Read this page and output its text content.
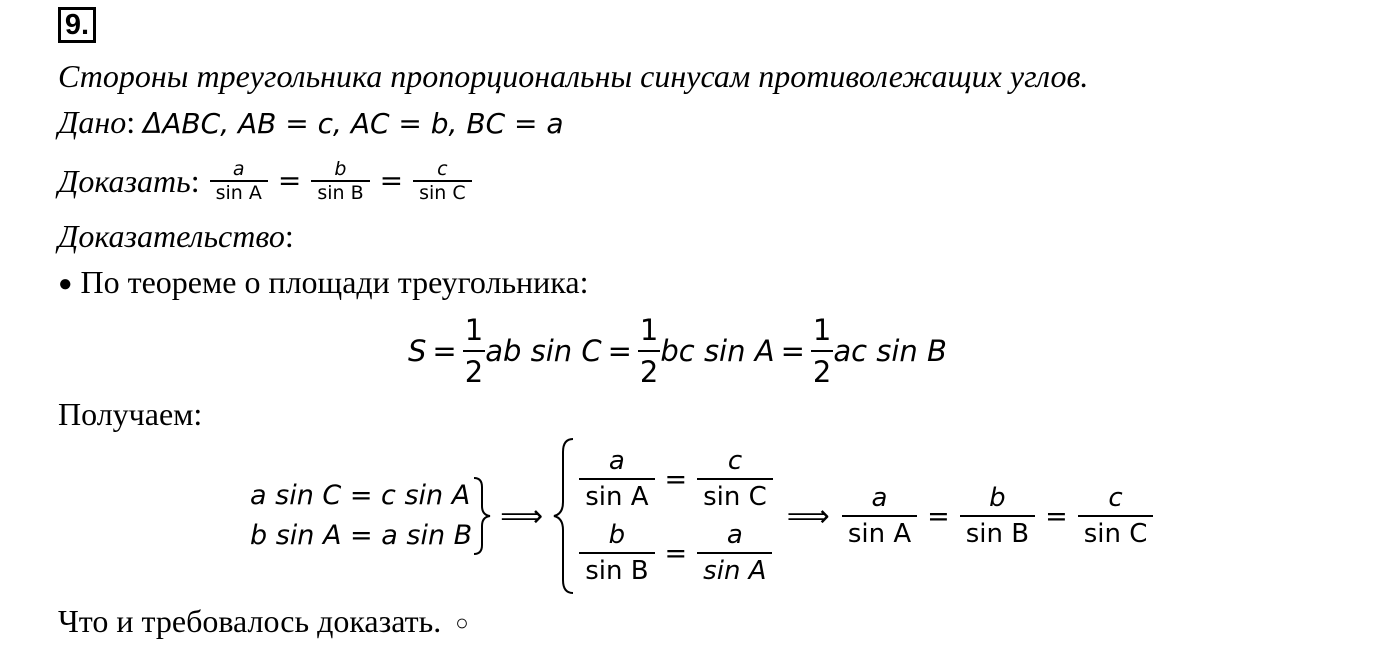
9.
Стороны треугольника пропорциональны синусам противолежащих углов.
Дано: ΔABC, AB = c, AC = b, BC = a
Доказать : $\frac{a}{\text{sin A}} = \frac{b}{\text{sin B}} = \frac{c}{\text{sin C}}$
Доказательство:
● По теореме о площади треугольника:
$S = \frac{1}{2}$ ab $\sin C = \frac{1}{2}$ bc $\sin A = \frac{1}{2}$ ac sin B
Получаем:
a sin C = c sin A
b sin A = a sin B
⟹
$\frac{a}{\text{sin A}} = \frac{c}{\text{sin C}}$
$\frac{b}{\text{sin B}} = \frac{a}{\text{sin A}}$
⟹ $\frac{a}{\text{sin A}} = \frac{b}{\text{sin B}} = \frac{c}{\text{sin C}}$
Что и требовалось доказать. ○
